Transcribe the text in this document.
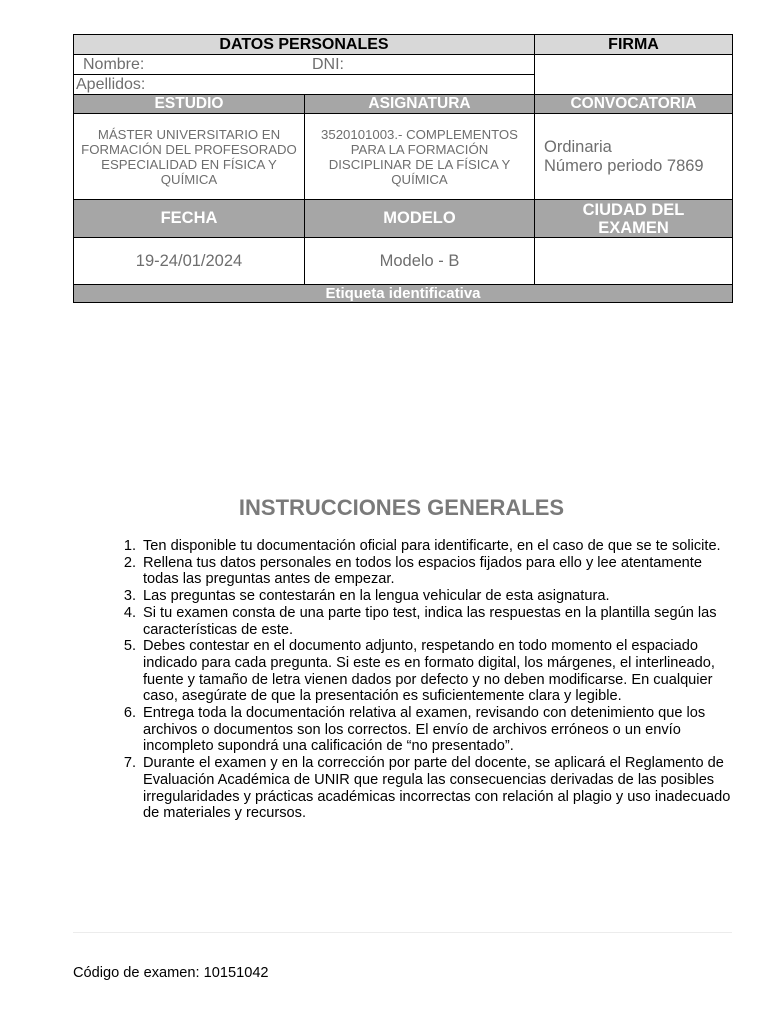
DATOS PERSONALES		FIRMA

Nombre: DNI:		

Apellidos:		

ESTUDIO	ASIGNATURA	CONVOCATORIA
MÁSTER UNIVERSITARIO EN FORMACIÓN DEL PROFESORADO ESPECIALIDAD EN FÍSICA Y QUÍMICA	3520101003.- COMPLEMENTOS PARA LA FORMACIÓN DISCIPLINAR DE LA FÍSICA Y QUÍMICA	Ordinaria
Número periodo 7869

FECHA	MODELO	CIUDAD DEL EXAMEN
19-24/01/2024	Modelo - B	
Etiqueta identificativa		
INSTRUCCIONES GENERALES
1. Ten disponible tu documentación oficial para identificarte, en el caso de que se te solicite.
2. Rellena tus datos personales en todos los espacios fijados para ello y lee atentamente todas las preguntas antes de empezar.
3. Las preguntas se contestarán en la lengua vehicular de esta asignatura.
4. Si tu examen consta de una parte tipo test, indica las respuestas en la plantilla según las características de este.
5. Debes contestar en el documento adjunto, respetando en todo momento el espaciado indicado para cada pregunta. Si este es en formato digital, los márgenes, el interlineado, fuente y tamaño de letra vienen dados por defecto y no deben modificarse. En cualquier caso, asegúrate de que la presentación es suficientemente clara y legible.
6. Entrega toda la documentación relativa al examen, revisando con detenimiento que los archivos o documentos son los correctos. El envío de archivos erróneos o un envío incompleto supondrá una calificación de “no presentado”.
7. Durante el examen y en la corrección por parte del docente, se aplicará el Reglamento de Evaluación Académica de UNIR que regula las consecuencias derivadas de las posibles irregularidades y prácticas académicas incorrectas con relación al plagio y uso inadecuado de materiales y recursos.
Código de examen: 10151042
